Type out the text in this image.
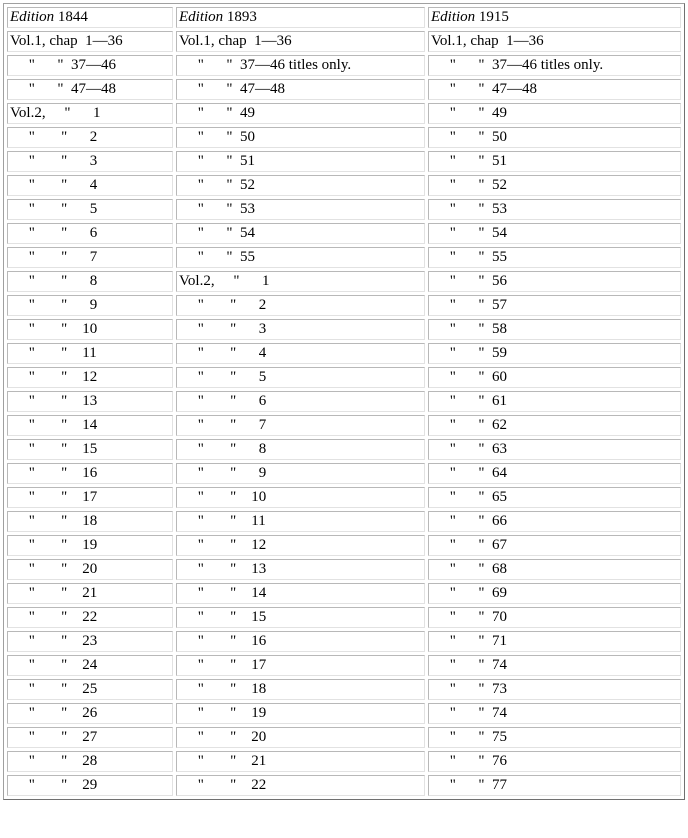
Edition 1844	Edition 1893	Edition 1915
Vol.1, chap  1—36	Vol.1, chap  1—36	Vol.1, chap  1—36
"      "  37—46	"      "  37—46 titles only.	"      "  37—46 titles only.
"      "  47—48	"      "  47—48	"      "  47—48
Vol.2,     "      1	"      "  49	"      "  49
"       "      2	"      "  50	"      "  50
"       "      3	"      "  51	"      "  51
"       "      4	"      "  52	"      "  52
"       "      5	"      "  53	"      "  53
"       "      6	"      "  54	"      "  54
"       "      7	"      "  55	"      "  55
"       "      8	Vol.2,     "      1	"      "  56
"       "      9	"       "      2	"      "  57
"       "    10	"       "      3	"      "  58
"       "    11	"       "      4	"      "  59
"       "    12	"       "      5	"      "  60
"       "    13	"       "      6	"      "  61
"       "    14	"       "      7	"      "  62
"       "    15	"       "      8	"      "  63
"       "    16	"       "      9	"      "  64
"       "    17	"       "    10	"      "  65
"       "    18	"       "    11	"      "  66
"       "    19	"       "    12	"      "  67
"       "    20	"       "    13	"      "  68
"       "    21	"       "    14	"      "  69
"       "    22	"       "    15	"      "  70
"       "    23	"       "    16	"      "  71
"       "    24	"       "    17	"      "  74
"       "    25	"       "    18	"      "  73
"       "    26	"       "    19	"      "  74
"       "    27	"       "    20	"      "  75
"       "    28	"       "    21	"      "  76
"       "    29	"       "    22	"      "  77
